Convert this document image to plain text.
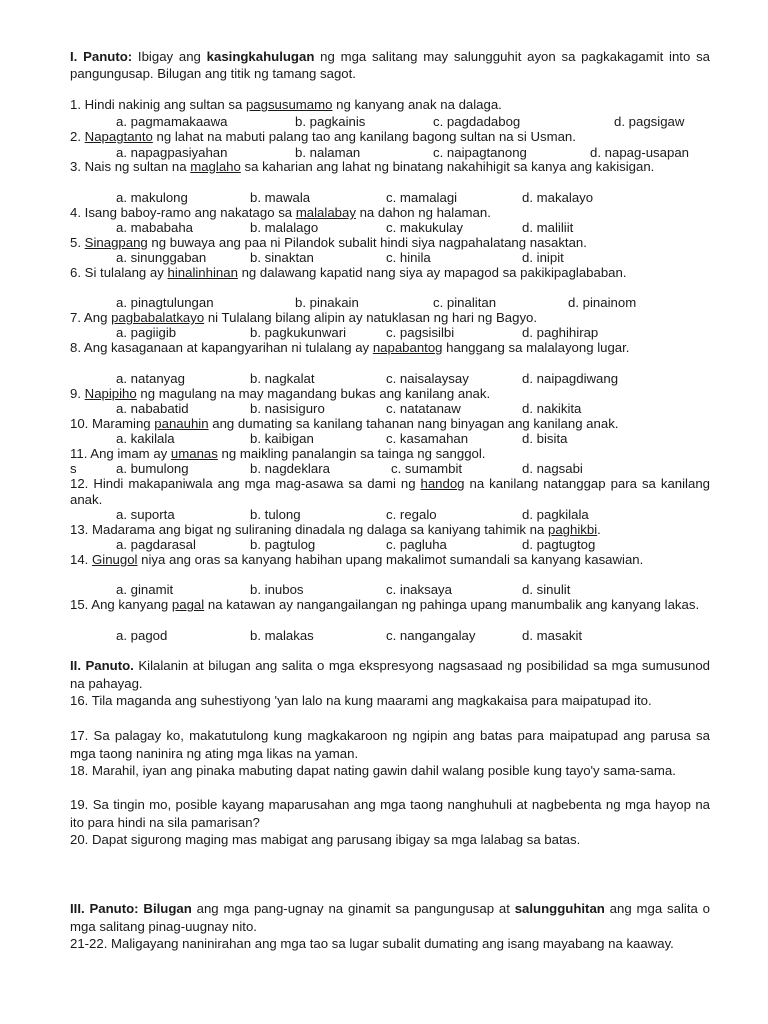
I. Panuto: Ibigay ang kasingkahulugan ng mga salitang may salungguhit ayon sa pagkakagamit into sa pangungusap. Bilugan ang titik ng tamang sagot.
1. Hindi nakinig ang sultan sa pagsusumamo ng kanyang anak na dalaga.
a. pagmamakaawa	b. pagkainis	c. pagdadabog	d. pagsigaw
2. Napagtanto ng lahat na mabuti palang tao ang kanilang bagong sultan na si Usman.
a. napagpasiyahan	b. nalaman	c. naipagtanong	d. napag-usapan
3. Nais ng sultan na maglaho sa kaharian ang lahat ng binatang nakahihigit sa kanya ang kakisigan.
a. makulong	b. mawala	c. mamalagi	d. makalayo
4. Isang baboy-ramo ang nakatago sa malalabay na dahon ng halaman.
a. mababaha	b. malalago	c. makukulay	d. maliliit
5. Sinagpang ng buwaya ang paa ni Pilandok subalit hindi siya nagpahalatang nasaktan.
a. sinunggaban	b. sinaktan	c. hinila	d. inipit
6. Si tulalang ay hinalinhinan ng dalawang kapatid nang siya ay mapagod sa pakikipaglababan.
a. pinagtulungan	b. pinakain	c. pinalitan	d. pinainom
7. Ang pagbabalatkayo ni Tulalang bilang alipin ay natuklasan ng hari ng Bagyo.
a. pagiigib	b. pagkukunwari	c. pagsisilbi	d. paghihirap
8. Ang kasaganaan at kapangyarihan ni tulalang ay napabantog hanggang sa malalayong lugar.
a. natanyag	b. nagkalat	c. naisalaysay	d. naipagdiwang
9. Napipiho ng magulang na may magandang bukas ang kanilang anak.
a. nababatid	b. nasisiguro	c. natatanaw	d. nakikita
10. Maraming panauhin ang dumating sa kanilang tahanan nang binyagan ang kanilang anak.
a. kakilala	b. kaibigan	c. kasamahan	d. bisita
11. Ang imam ay umanas ng maikling panalangin sa tainga ng sanggol.
s	a. bumulong	b. nagdeklara	c. sumambit	d. nagsabi
12. Hindi makapaniwala ang mga mag-asawa sa dami ng handog na kanilang natanggap para sa kanilang anak.
a. suporta	b. tulong	c. regalo	d. pagkilala
13. Madarama ang bigat ng suliraning dinadala ng dalaga sa kaniyang tahimik na paghikbi.
a. pagdarasal	b. pagtulog	c. pagluha	d. pagtugtog
14. Ginugol niya ang oras sa kanyang habihan upang makalimot sumandali sa kanyang kasawian.
a. ginamit	b. inubos	c. inaksaya	d. sinulit
15. Ang kanyang pagal na katawan ay nangangailangan ng pahinga upang manumbalik ang kanyang lakas.
a. pagod	b. malakas	c. nangangalay	d. masakit
II. Panuto. Kilalanin at bilugan ang salita o mga ekspresyong nagsasaad ng posibilidad sa mga sumusunod na pahayag.
16. Tila maganda ang suhestiyong 'yan lalo na kung maarami ang magkakaisa para maipatupad ito.
17. Sa palagay ko, makatutulong kung magkakaroon ng ngipin ang batas para maipatupad ang parusa sa mga taong naninira ng ating mga likas na yaman.
18. Marahil, iyan ang pinaka mabuting dapat nating gawin dahil walang posible kung tayo'y sama-sama.
19. Sa tingin mo, posible kayang maparusahan ang mga taong nanghuhuli at nagbebenta ng mga hayop na ito para hindi na sila pamarisan?
20. Dapat sigurong maging mas mabigat ang parusang ibigay sa mga lalabag sa batas.
III. Panuto: Bilugan ang mga pang-ugnay na ginamit sa pangungusap at salungguhitan ang mga salita o mga salitang pinag-uugnay nito.
21-22. Maligayang naninirahan ang mga tao sa lugar subalit dumating ang isang mayabang na kaaway.
